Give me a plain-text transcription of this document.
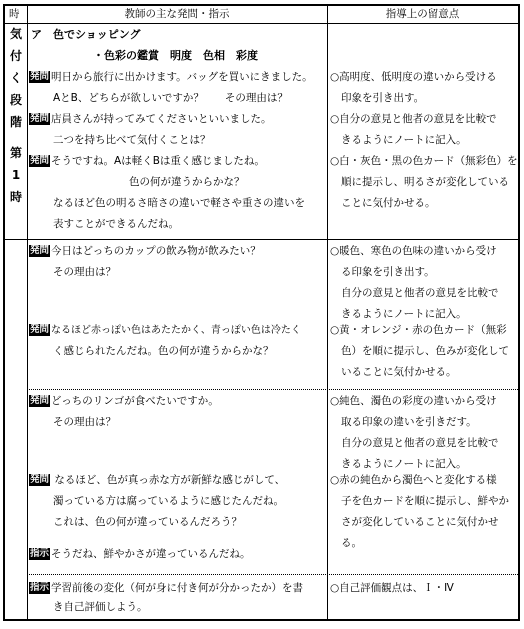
時	教師の主な発問・指示	指導上の留意点
気
付
く
段
階
第
1
時
ア　色でショッピング
・色彩の鑑賞　明度　色相　彩度
発問 明日から旅行に出かけます。バッグを買いにきました。
AとB、どちらが欲しいですか？　　その理由は？
発問 店員さんが持ってみてくださいといいました。
二つを持ち比べて気付くことは？
発問 そうですね。Aは軽くBは重く感じましたね。
色の何が違うからかな？
なるほど色の明るさ暗さの違いで軽さや重さの違いを
表すことができるんだね。
○高明度、低明度の違いから受ける
印象を引き出す。
○自分の意見と他者の意見を比較で
きるようにノートに記入。
○白・灰色・黒の色カード（無彩色）を
順に提示し、明るさが変化している
ことに気付かせる。
発問 今日はどっちのカップの飲み物が飲みたい？
その理由は？
発問 なるほど赤っぽい色はあたたかく、青っぽい色は冷たく
く感じられたんだね。色の何が違うからかな？
○暖色、寒色の色味の違いから受け
る印象を引き出す。
自分の意見と他者の意見を比較で
きるようにノートに記入。
○黄・オレンジ・赤の色カード（無彩
色）を順に提示し、色みが変化して
いることに気付かせる。
発問 どっちのリンゴが食べたいですか。
その理由は？
発問 なるほど、色が真っ赤な方が新鮮な感じがして、
濁っている方は腐っているように感じたんだね。
これは、色の何が違っているんだろう？
指示 そうだね、鮮やかさが違っているんだね。
○純色、濁色の彩度の違いから受け
取る印象の違いを引きだす。
自分の意見と他者の意見を比較で
きるようにノートに記入。
○赤の純色から濁色へと変化する様
子を色カードを順に提示し、鮮やか
さが変化していることに気付かせ
る。
指示 学習前後の変化（何が身に付き何が分かったか）を書
き自己評価しよう。
○自己評価観点は、Ｉ・Ⅳ
